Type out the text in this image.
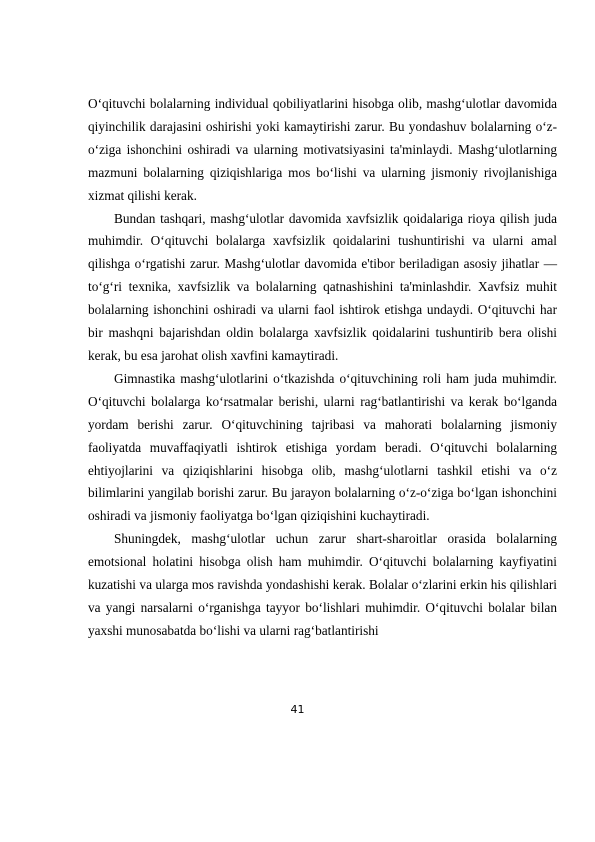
O‘qituvchi bolalarning individual qobiliyatlarini hisobga olib, mashg‘ulotlar davomida qiyinchilik darajasini oshirishi yoki kamaytirishi zarur. Bu yondashuv bolalarning o‘z-o‘ziga ishonchini oshiradi va ularning motivatsiyasini ta'minlaydi. Mashg‘ulotlarning mazmuni bolalarning qiziqishlariga mos bo‘lishi va ularning jismoniy rivojlanishiga xizmat qilishi kerak.

Bundan tashqari, mashg‘ulotlar davomida xavfsizlik qoidalariga rioya qilish juda muhimdir. O‘qituvchi bolalarga xavfsizlik qoidalarini tushuntirishi va ularni amal qilishga o‘rgatishi zarur. Mashg‘ulotlar davomida e'tibor beriladigan asosiy jihatlar — to‘g‘ri texnika, xavfsizlik va bolalarning qatnashishini ta'minlashdir. Xavfsiz muhit bolalarning ishonchini oshiradi va ularni faol ishtirok etishga undaydi. O‘qituvchi har bir mashqni bajarishdan oldin bolalarga xavfsizlik qoidalarini tushuntirib bera olishi kerak, bu esa jarohat olish xavfini kamaytiradi.

Gimnastika mashg‘ulotlarini o‘tkazishda o‘qituvchining roli ham juda muhimdir. O‘qituvchi bolalarga ko‘rsatmalar berishi, ularni rag‘batlantirishi va kerak bo‘lganda yordam berishi zarur. O‘qituvchining tajribasi va mahorati bolalarning jismoniy faoliyatda muvaffaqiyatli ishtirok etishiga yordam beradi. O‘qituvchi bolalarning ehtiyojlarini va qiziqishlarini hisobga olib, mashg‘ulotlarni tashkil etishi va o‘z bilimlarini yangilab borishi zarur. Bu jarayon bolalarning o‘z-o‘ziga bo‘lgan ishonchini oshiradi va jismoniy faoliyatga bo‘lgan qiziqishini kuchaytiradi.

Shuningdek, mashg‘ulotlar uchun zarur shart-sharoitlar orasida bolalarning emotsional holatini hisobga olish ham muhimdir. O‘qituvchi bolalarning kayfiyatini kuzatishi va ularga mos ravishda yondashishi kerak. Bolalar o‘zlarini erkin his qilishlari va yangi narsalarni o‘rganishga tayyor bo‘lishlari muhimdir. O‘qituvchi bolalar bilan yaxshi munosabatda bo‘lishi va ularni rag‘batlantirishi

41
